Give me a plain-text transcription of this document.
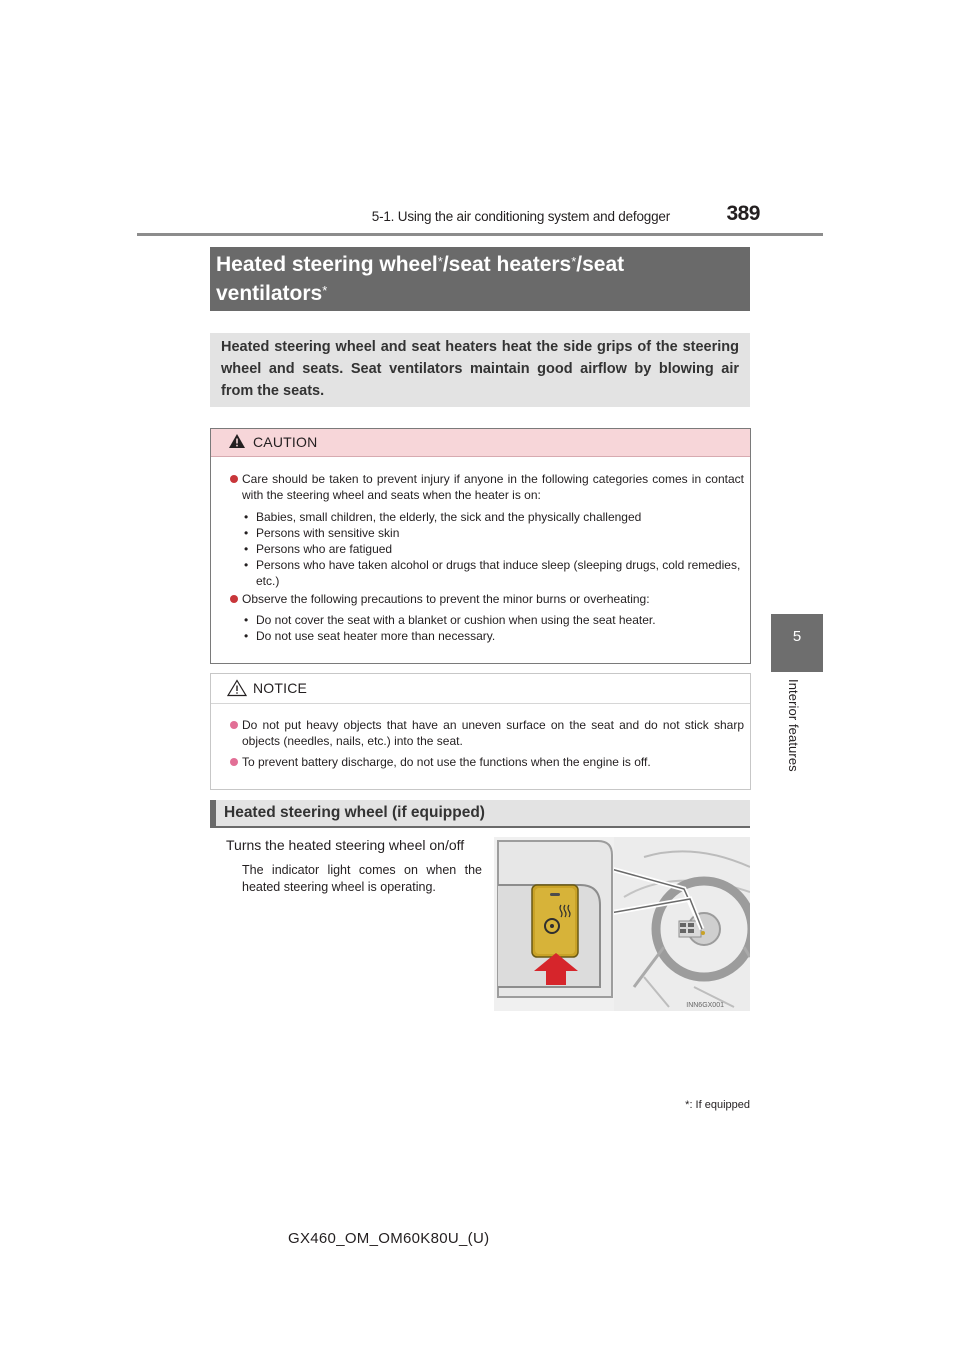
5-1. Using the air conditioning system and defogger	389
5
Interior features
Heated steering wheel*/seat heaters*/seat ventilators*
Heated steering wheel and seat heaters heat the side grips of the steering wheel and seats. Seat ventilators maintain good airflow by blowing air from the seats.
CAUTION
Care should be taken to prevent injury if anyone in the following categories comes in contact with the steering wheel and seats when the heater is on:
• Babies, small children, the elderly, the sick and the physically challenged
• Persons with sensitive skin
• Persons who are fatigued
• Persons who have taken alcohol or drugs that induce sleep (sleeping drugs, cold remedies, etc.)
Observe the following precautions to prevent the minor burns or overheating:
• Do not cover the seat with a blanket or cushion when using the seat heater.
• Do not use seat heater more than necessary.
NOTICE
Do not put heavy objects that have an uneven surface on the seat and do not stick sharp objects (needles, nails, etc.) into the seat.
To prevent battery discharge, do not use the functions when the engine is off.
Heated steering wheel (if equipped)
Turns the heated steering wheel on/off
The indicator light comes on when the heated steering wheel is operating.
INN6GX001
*: If equipped
GX460_OM_OM60K80U_(U)
